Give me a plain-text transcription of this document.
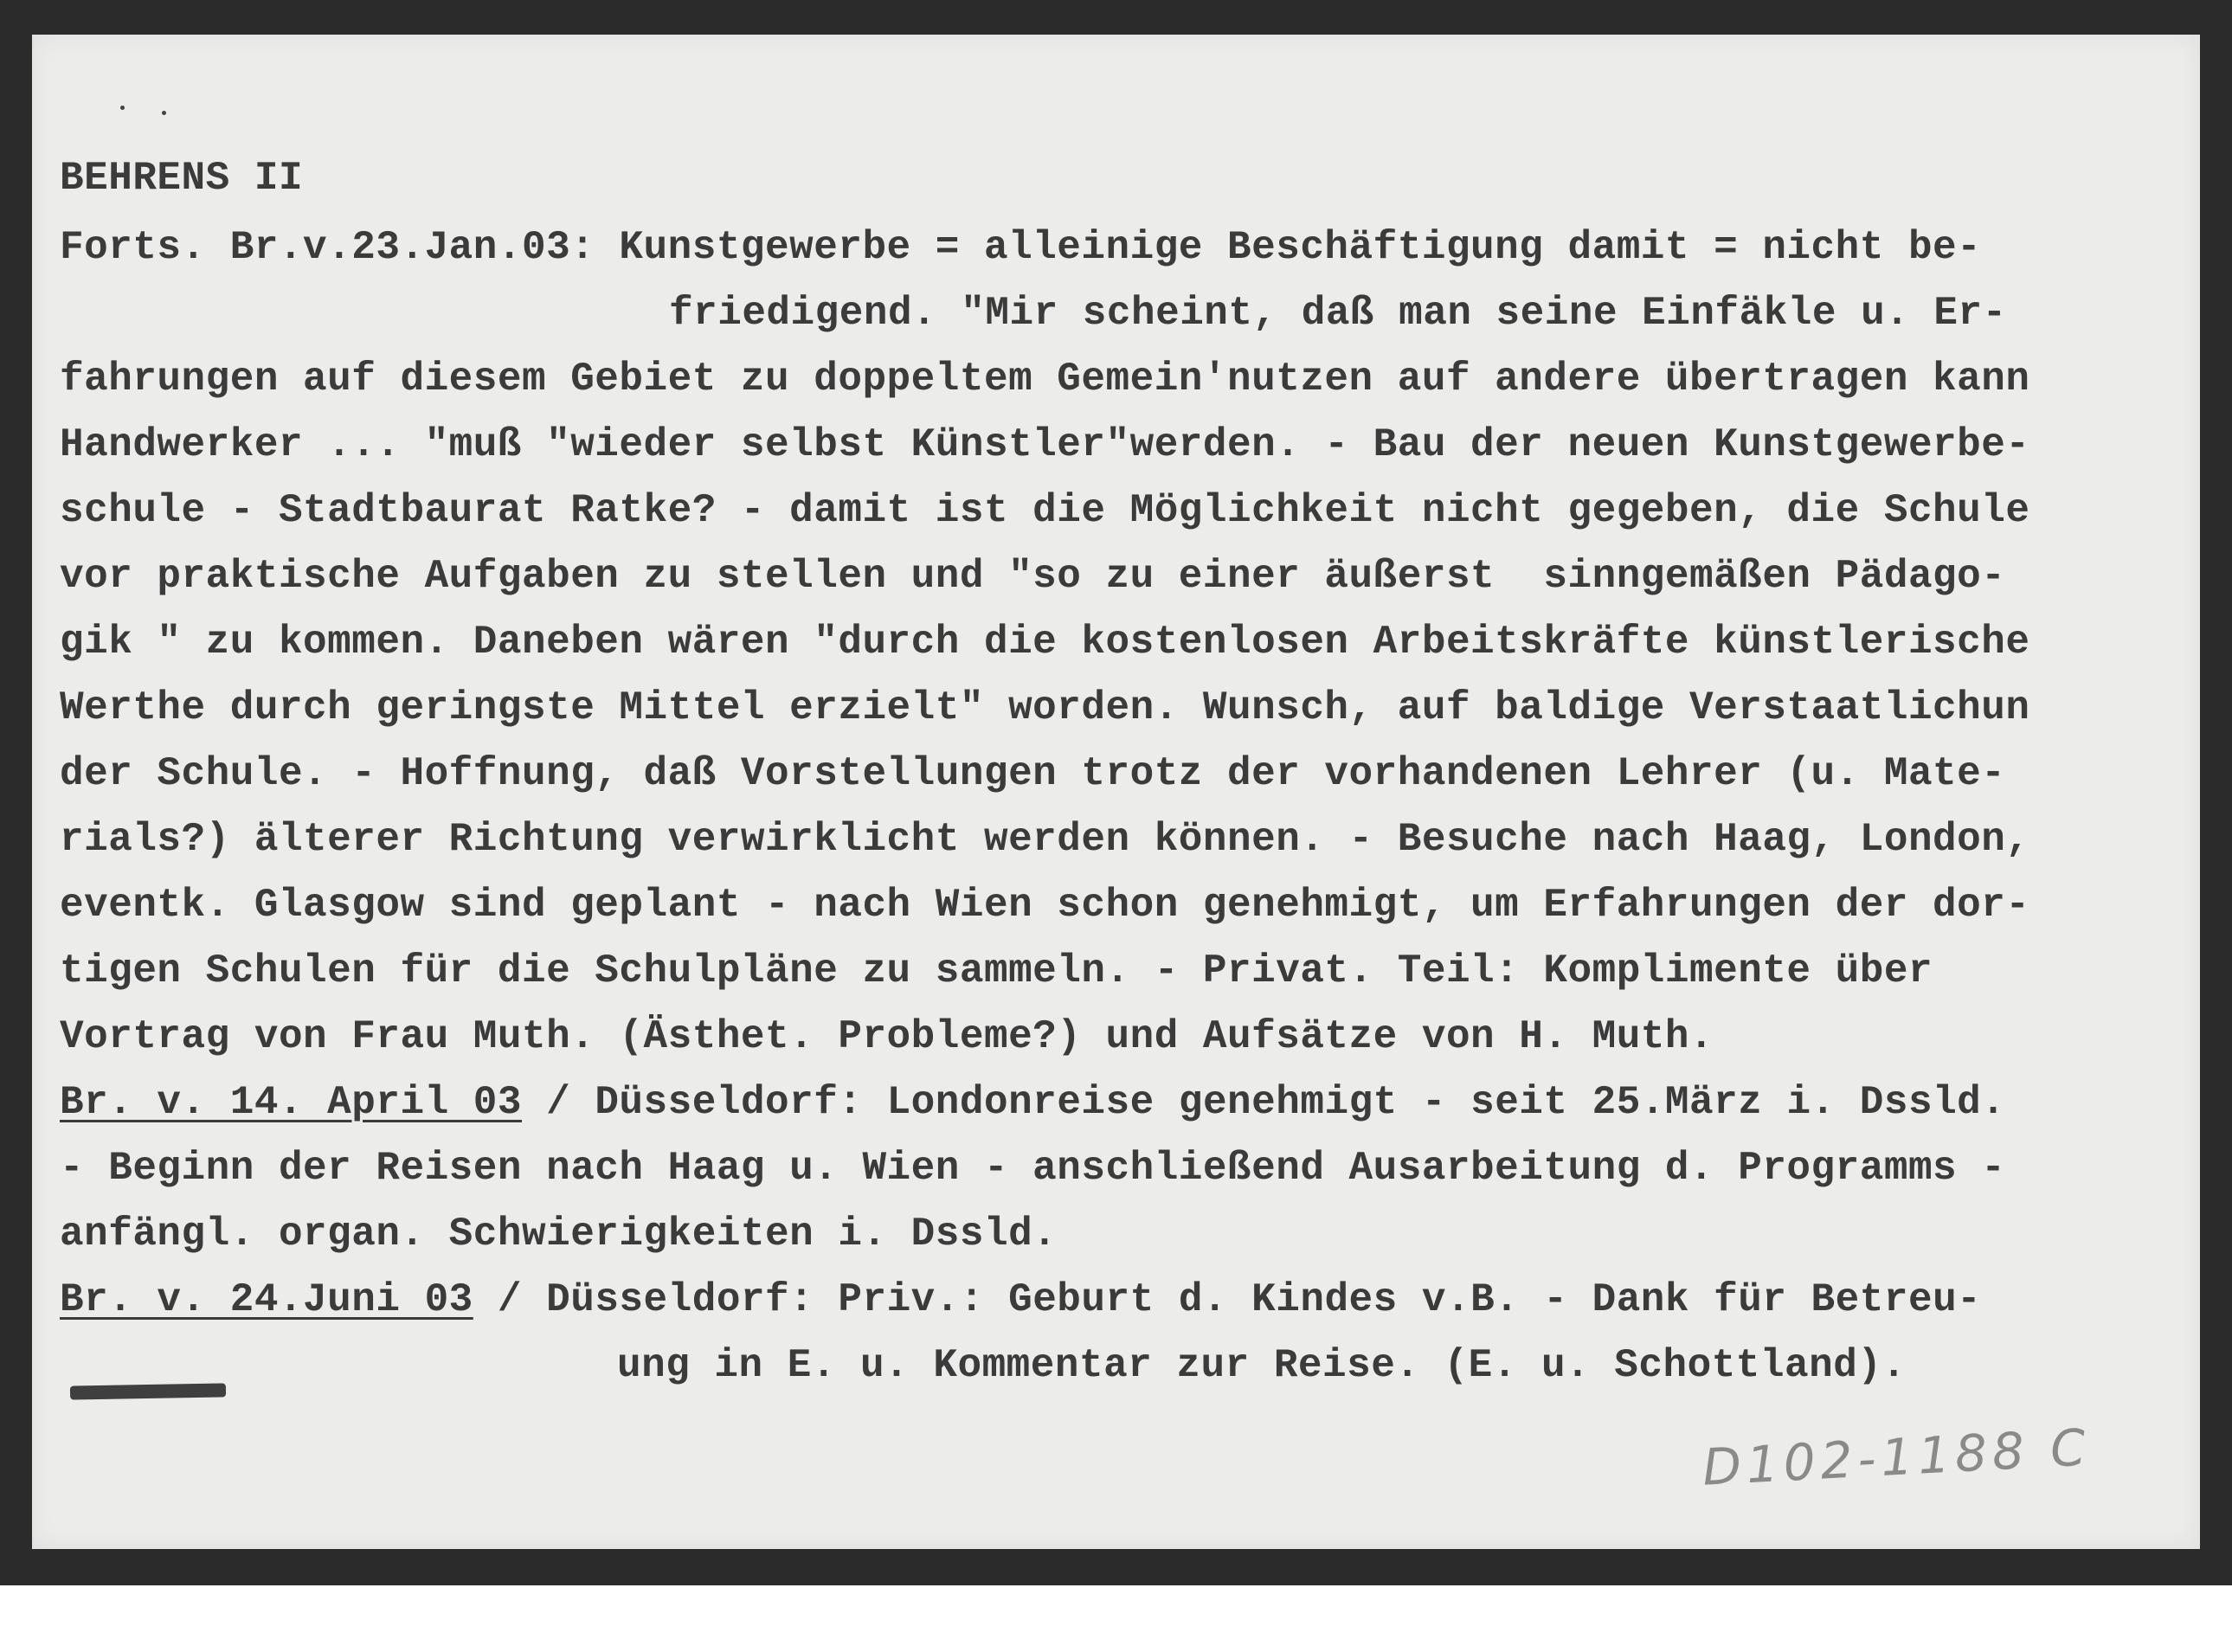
BEHRENS II
Forts. Br.v.23.Jan.03: Kunstgewerbe = alleinige Beschäftigung damit = nicht be-
friedigend. "Mir scheint, daß man seine Einfäkle u. Er-
fahrungen auf diesem Gebiet zu doppeltem Gemein'nutzen auf andere übertragen kann
Handwerker ... "muß "wieder selbst Künstler"werden. - Bau der neuen Kunstgewerbe-
schule - Stadtbaurat Ratke? - damit ist die Möglichkeit nicht gegeben, die Schule
vor praktische Aufgaben zu stellen und "so zu einer äußerst  sinngemäßen Pädago-
gik " zu kommen. Daneben wären "durch die kostenlosen Arbeitskräfte künstlerische
Werthe durch geringste Mittel erzielt" worden. Wunsch, auf baldige Verstaatlichun
der Schule. - Hoffnung, daß Vorstellungen trotz der vorhandenen Lehrer (u. Mate-
rials?) älterer Richtung verwirklicht werden können. - Besuche nach Haag, London,
eventk. Glasgow sind geplant - nach Wien schon genehmigt, um Erfahrungen der dor-
tigen Schulen für die Schulpläne zu sammeln. - Privat. Teil: Komplimente über
Vortrag von Frau Muth. (Ästhet. Probleme?) und Aufsätze von H. Muth.
Br. v. 14. April 03 / Düsseldorf: Londonreise genehmigt - seit 25.März i. Dssld.
- Beginn der Reisen nach Haag u. Wien - anschließend Ausarbeitung d. Programms -
anfängl. organ. Schwierigkeiten i. Dssld.
Br. v. 24.Juni 03 / Düsseldorf: Priv.: Geburt d. Kindes v.B. - Dank für Betreu-
ung in E. u. Kommentar zur Reise. (E. u. Schottland).
D102-1188 C
